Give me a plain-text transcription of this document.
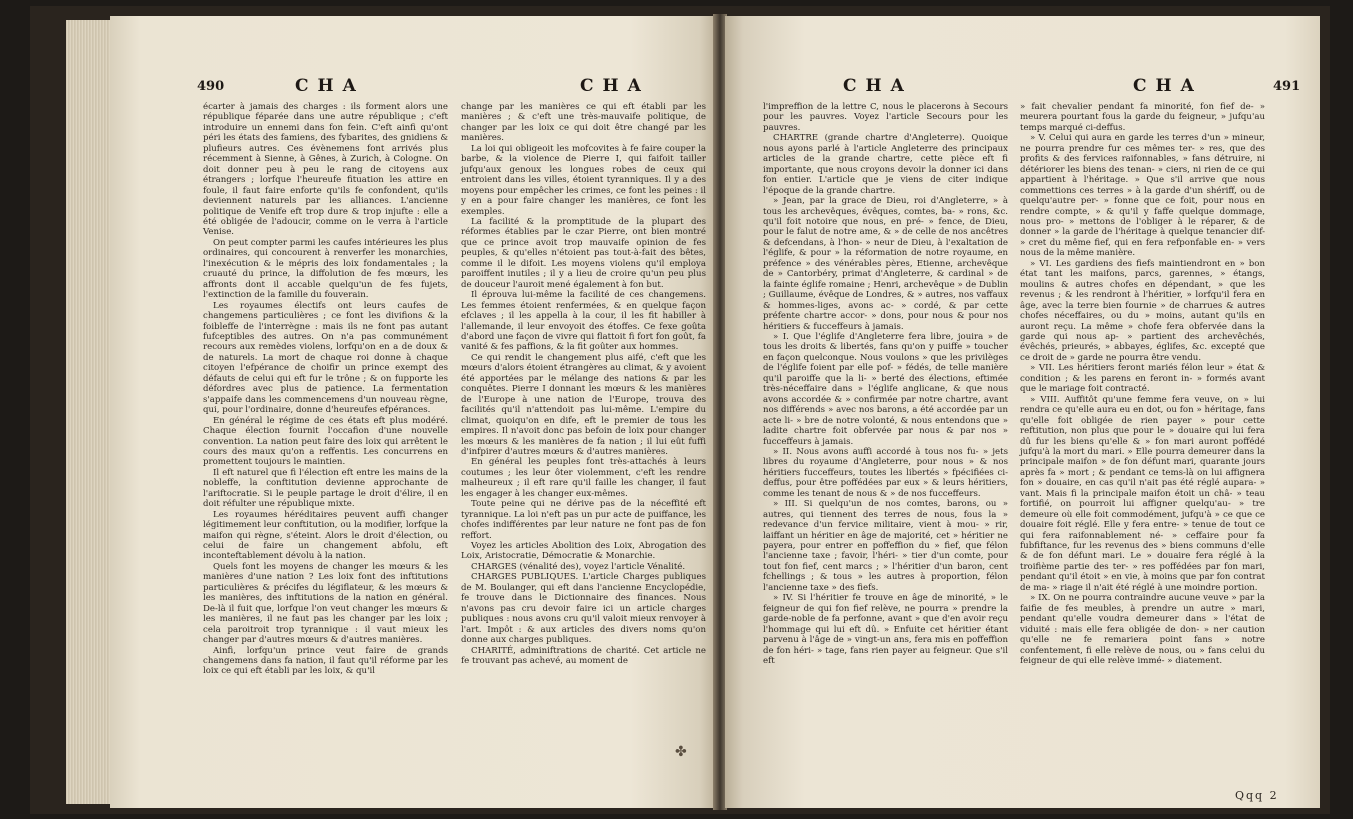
490	CHA	CHA

écarter à jamais des charges : ils forment alors une république féparée dans une autre république ; c'eft introduire un ennemi dans fon fein. C'eft ainfi qu'ont péri les états des famiens, des fybarites, des gnidiens & plufieurs autres. Ces évènemens font arrivés plus récemment à Sienne, à Gênes, à Zurich, à Cologne. On doit donner peu à peu le rang de citoyens aux étrangers ; lorfque l'heureufe fituation les attire en foule, il faut faire enforte qu'ils fe confondent, qu'ils deviennent naturels par les alliances. L'ancienne politique de Venife eft trop dure & trop injufte : elle a été obligée de l'adoucir, comme on le verra à l'article Venise.

On peut compter parmi les caufes intérieures les plus ordinaires, qui concourent à renverfer les monarchies, l'inexécution & le mépris des loix fondamentales ; la cruauté du prince, la diffolution de fes mœurs, les affronts dont il accable quelqu'un de fes fujets, l'extinction de la famille du fouverain.

Les royaumes électifs ont leurs caufes de changemens particulières ; ce font les divifions & la foibleffe de l'interrègne : mais ils ne font pas autant fufceptibles des autres. On n'a pas communément recours aux remèdes violens, lorfqu'on en a de doux & de naturels. La mort de chaque roi donne à chaque citoyen l'efpérance de choifir un prince exempt des défauts de celui qui eft fur le trône ; & on fupporte les défordres avec plus de patience. La fermentation s'appaife dans les commencemens d'un nouveau règne, qui, pour l'ordinaire, donne d'heureufes efpérances.

En général le régime de ces états eft plus modéré. Chaque élection fournit l'occafion d'une nouvelle convention. La nation peut faire des loix qui arrêtent le cours des maux qu'on a reffentis. Les concurrens en promettent toujours le maintien.

Il eft naturel que fi l'élection eft entre les mains de la nobleffe, la conftitution devienne approchante de l'ariftocratie. Si le peuple partage le droit d'élire, il en doit réfulter une république mixte.

Les royaumes héréditaires peuvent auffi changer légitimement leur conftitution, ou la modifier, lorfque la maifon qui règne, s'éteint. Alors le droit d'élection, ou celui de faire un changement abfolu, eft inconteftablement dévolu à la nation.

Quels font les moyens de changer les mœurs & les manières d'une nation ? Les loix font des inftitutions particulières & précifes du légiflateur, & les mœurs & les manières, des inftitutions de la nation en général. De-là il fuit que, lorfque l'on veut changer les mœurs & les manières, il ne faut pas les changer par les loix ; cela paroitroit trop tyrannique : il vaut mieux les changer par d'autres mœurs & d'autres manières.

Ainfi, lorfqu'un prince veut faire de grands changemens dans fa nation, il faut qu'il réforme par les loix ce qui eft établi par les loix, & qu'il

change par les manières ce qui eft établi par les manières ; & c'eft une très-mauvaife politique, de changer par les loix ce qui doit être changé par les manières.

La loi qui obligeoit les mofcovites à fe faire couper la barbe, & la violence de Pierre I, qui faifoit tailler jufqu'aux genoux les longues robes de ceux qui entroient dans les villes, étoient tyranniques. Il y a des moyens pour empêcher les crimes, ce font les peines : il y en a pour faire changer les manières, ce font les exemples.

La facilité & la promptitude de la plupart des réformes établies par le czar Pierre, ont bien montré que ce prince avoit trop mauvaife opinion de fes peuples, & qu'elles n'étoient pas tout-à-fait des bêtes, comme il le difoit. Les moyens violens qu'il employa paroiffent inutiles ; il y a lieu de croire qu'un peu plus de douceur l'auroit mené également à fon but.

Il éprouva lui-même la facilité de ces changemens. Les femmes étoient renfermées, & en quelque façon efclaves ; il les appella à la cour, il les fit habiller à l'allemande, il leur envoyoit des étoffes. Ce fexe goûta d'abord une façon de vivre qui flattoit fi fort fon goût, fa vanité & fes paffions, & la fit goûter aux hommes.

Ce qui rendit le changement plus aifé, c'eft que les mœurs d'alors étoient étrangères au climat, & y avoient été apportées par le mélange des nations & par les conquêtes. Pierre I donnant les mœurs & les manières de l'Europe à une nation de l'Europe, trouva des facilités qu'il n'attendoit pas lui-même. L'empire du climat, quoiqu'on en dife, eft le premier de tous les empires. Il n'avoit donc pas befoin de loix pour changer les mœurs & les manières de fa nation ; il lui eût fuffi d'infpirer d'autres mœurs & d'autres manières.

En général les peuples font très-attachés à leurs coutumes ; les leur ôter violemment, c'eft les rendre malheureux ; il eft rare qu'il faille les changer, il faut les engager à les changer eux-mêmes.

Toute peine qui ne dérive pas de la néceffité eft tyrannique. La loi n'eft pas un pur acte de puiffance, les chofes indifférentes par leur nature ne font pas de fon reffort.

Voyez les articles Abolition des Loix, Abrogation des Loix, Aristocratie, Démocratie & Monarchie.

CHARGES (vénalité des), voyez l'article Vénalité.

CHARGES PUBLIQUES. L'article Charges publiques de M. Boulanger, qui eft dans l'ancienne Encyclopédie, fe trouve dans le Dictionnaire des finances. Nous n'avons pas cru devoir faire ici un article charges publiques : nous avons cru qu'il valoit mieux renvoyer à l'art. Impôt : & aux articles des divers noms qu'on donne aux charges publiques.

CHARITÉ, adminiftrations de charité. Cet article ne fe trouvant pas achevé, au moment de

✤
CHA	CHA	491

l'impreffion de la lettre C, nous le placerons à Secours pour les pauvres. Voyez l'article Secours pour les pauvres.

CHARTRE (grande chartre d'Angleterre). Quoique nous ayons parlé à l'article Angleterre des principaux articles de la grande chartre, cette pièce eft fi importante, que nous croyons devoir la donner ici dans fon entier. L'article que je viens de citer indique l'époque de la grande chartre.

» Jean, par la grace de Dieu, roi d'Angleterre, » à tous les archevêques, évêques, comtes, ba- » rons, &c. qu'il foit notoire que nous, en pré- » fence, de Dieu, pour le falut de notre ame, & » de celle de nos ancêtres & defcendans, à l'hon- » neur de Dieu, à l'exaltation de l'églife, & pour » la réformation de notre royaume, en préfence » des vénérables pères, Etienne, archevêque de » Cantorbéry, primat d'Angleterre, & cardinal » de la fainte églife romaine ; Henri, archevêque » de Dublin ; Guillaume, évêque de Londres, & » autres, nos vaffaux & hommes-liges, avons ac- » cordé, & par cette préfente chartre accor- » dons, pour nous & pour nos héritiers & fucceffeurs à jamais.

» I. Que l'églife d'Angleterre fera libre, jouira » de tous les droits & libertés, fans qu'on y puiffe » toucher en façon quelconque. Nous voulons » que les privilèges de l'églife foient par elle pof- » fédés, de telle manière qu'il paroiffe que la li- » berté des élections, eftimée très-néceffaire dans » l'églife anglicane, & que nous avons accordée & » confirmée par notre chartre, avant nos différends » avec nos barons, a été accordée par un acte li- » bre de notre volonté, & nous entendons que » ladite chartre foit obfervée par nous & par nos » fucceffeurs à jamais.

» II. Nous avons auffi accordé à tous nos fu- » jets libres du royaume d'Angleterre, pour nous » & nos héritiers fucceffeurs, toutes les libertés » fpécifiées ci-deffus, pour être poffédées par eux » & leurs héritiers, comme les tenant de nous & » de nos fucceffeurs.

» III. Si quelqu'un de nos comtes, barons, ou » autres, qui tiennent des terres de nous, fous la » redevance d'un fervice militaire, vient à mou- » rir, laiffant un héritier en âge de majorité, cet » héritier ne payera, pour entrer en poffeffion du » fief, que félon l'ancienne taxe ; favoir, l'héri- » tier d'un comte, pour tout fon fief, cent marcs ; » l'héritier d'un baron, cent fchellings ; & tous » les autres à proportion, félon l'ancienne taxe » des fiefs.

» IV. Si l'héritier fe trouve en âge de minorité, » le feigneur de qui fon fief relève, ne pourra » prendre la garde-noble de fa perfonne, avant » que d'en avoir reçu l'hommage qui lui eft dû. » Enfuite cet héritier étant parvenu à l'âge de » vingt-un ans, fera mis en poffeffion de fon héri- » tage, fans rien payer au feigneur. Que s'il eft

» fait chevalier pendant fa minorité, fon fief de- » meurera pourtant fous la garde du feigneur, » jufqu'au temps marqué ci-deffus.

» V. Celui qui aura en garde les terres d'un » mineur, ne pourra prendre fur ces mêmes ter- » res, que des profits & des fervices raifonnables, » fans détruire, ni détériorer les biens des tenan- » ciers, ni rien de ce qui appartient à l'héritage. » Que s'il arrive que nous commettions ces terres » à la garde d'un shériff, ou de quelqu'autre per- » fonne que ce foit, pour nous en rendre compte, » & qu'il y faffe quelque dommage, nous pro- » mettons de l'obliger à le réparer, & de donner » la garde de l'héritage à quelque tenancier dif- » cret du même fief, qui en fera refponfable en- » vers nous de la même manière.

» VI. Les gardiens des fiefs maintiendront en » bon état tant les maifons, parcs, garennes, » étangs, moulins & autres chofes en dépendant, » que les revenus ; & les rendront à l'héritier, » lorfqu'il fera en âge, avec la terre bien fournie » de charrues & autres chofes néceffaires, ou du » moins, autant qu'ils en auront reçu. La même » chofe fera obfervée dans la garde qui nous ap- » partient des archevêchés, évêchés, prieurés, » abbayes, églifes, &c. excepté que ce droit de » garde ne pourra être vendu.

» VII. Les héritiers feront mariés félon leur » état & condition ; & les parens en feront in- » formés avant que le mariage foit contracté.

» VIII. Auffitôt qu'une femme fera veuve, on » lui rendra ce qu'elle aura eu en dot, ou fon » héritage, fans qu'elle foit obligée de rien payer » pour cette reftitution, non plus que pour le » douaire qui lui fera dû fur les biens qu'elle & » fon mari auront poffédé jufqu'à la mort du mari. » Elle pourra demeurer dans la principale maifon » de fon défunt mari, quarante jours après fa » mort ; & pendant ce tems-là on lui affignera fon » douaire, en cas qu'il n'ait pas été réglé aupara- » vant. Mais fi la principale maifon étoit un châ- » teau fortifié, on pourroit lui affigner quelqu'au- » tre demeure où elle foit commodément, jufqu'à » ce que ce douaire foit réglé. Elle y fera entre- » tenue de tout ce qui fera raifonnablement né- » ceffaire pour fa fubfiftance, fur les revenus des » biens communs d'elle & de fon défunt mari. Le » douaire fera réglé à la troifième partie des ter- » res poffédées par fon mari, pendant qu'il étoit » en vie, à moins que par fon contrat de ma- » riage il n'ait été réglé à une moindre portion.

» IX. On ne pourra contraindre aucune veuve » par la faifie de fes meubles, à prendre un autre » mari, pendant qu'elle voudra demeurer dans » l'état de viduité : mais elle fera obligée de don- » ner caution qu'elle ne fe remariera point fans » notre confentement, fi elle relève de nous, ou » fans celui du feigneur de qui elle relève immé- » diatement.

Qqq 2
